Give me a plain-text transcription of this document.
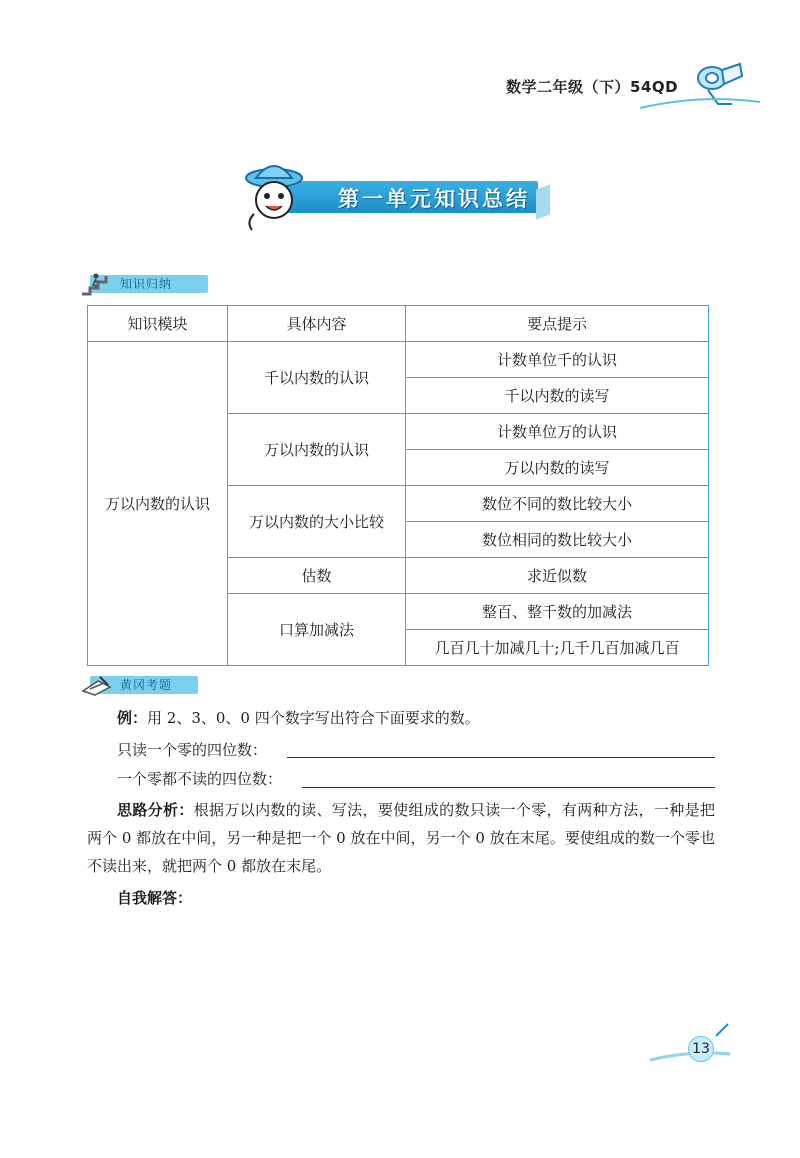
数学二年级（下）54QD
第一单元知识总结
知识归纳
知识模块	具体内容	要点提示
万以内数的认识	千以内数的认识	计数单位千的认识
		千以内数的读写
	万以内数的认识	计数单位万的认识
		万以内数的读写
	万以内数的大小比较	数位不同的数比较大小
		数位相同的数比较大小
	估数	求近似数
	口算加减法	整百、整千数的加减法
		几百几十加减几十;几千几百加减几百
黄冈考题
例：用 2、3、0、0 四个数字写出符合下面要求的数。
只读一个零的四位数：
一个零都不读的四位数：
思路分析：根据万以内数的读、写法，要使组成的数只读一个零，有两种方法，一种是把两个 0 都放在中间，另一种是把一个 0 放在中间，另一个 0 放在末尾。要使组成的数一个零也不读出来，就把两个 0 都放在末尾。
自我解答：
13
